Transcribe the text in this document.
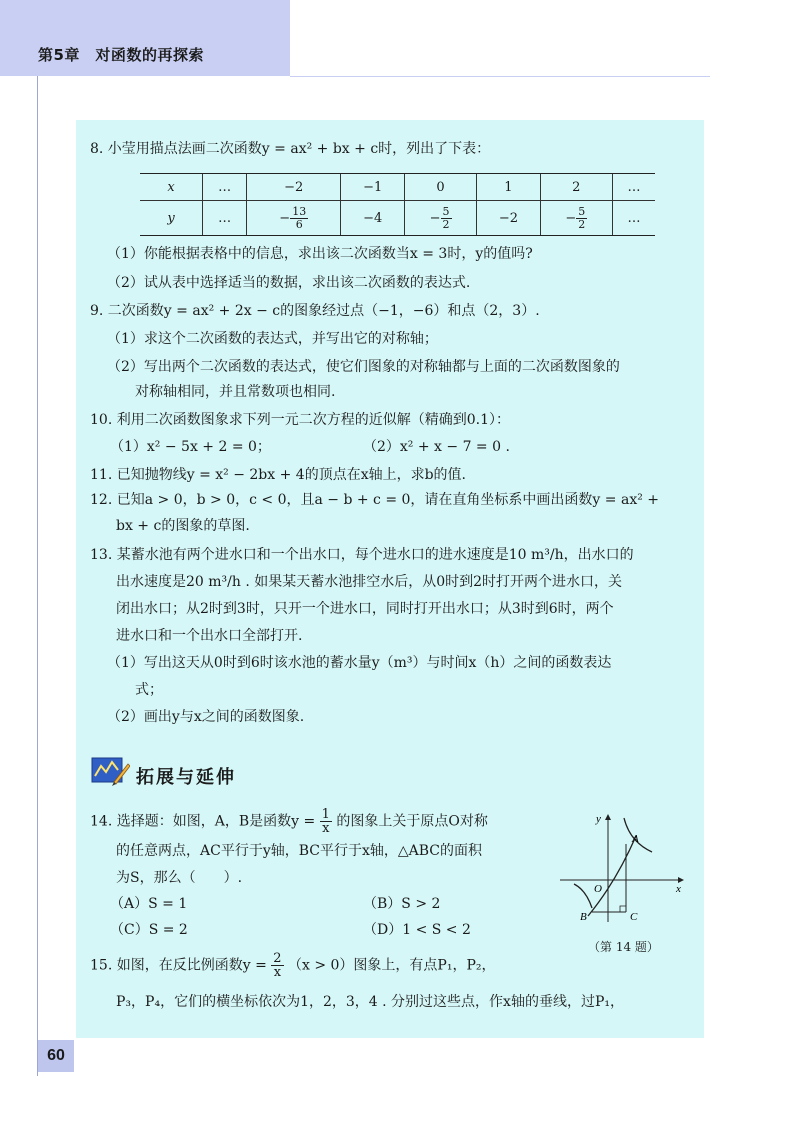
第5章　对函数的再探索
8. 小莹用描点法画二次函数y = ax² + bx + c时，列出了下表：
x	…	−2	−1	0	1	2	…
y	…	− $\frac{13}{6}$	−4	− $\frac{5}{2}$	−2	− $\frac{5}{2}$	…
（1）你能根据表格中的信息，求出该二次函数当x = 3时，y的值吗?
（2）试从表中选择适当的数据，求出该二次函数的表达式.
9. 二次函数y = ax² + 2x − c的图象经过点（−1，−6）和点（2，3）.
（1）求这个二次函数的表达式，并写出它的对称轴；
（2）写出两个二次函数的表达式，使它们图象的对称轴都与上面的二次函数图象的
对称轴相同，并且常数项也相同.
10. 利用二次函数图象求下列一元二次方程的近似解（精确到0.1）：
（1）x² − 5x + 2 = 0；	（2）x² + x − 7 = 0 .
11. 已知抛物线y = x² − 2bx + 4的顶点在x轴上，求b的值.
12. 已知a > 0，b > 0，c < 0，且a − b + c = 0，请在直角坐标系中画出函数y = ax² +
bx + c的图象的草图.
13. 某蓄水池有两个进水口和一个出水口，每个进水口的进水速度是10 m³/h，出水口的
出水速度是20 m³/h . 如果某天蓄水池排空水后，从0时到2时打开两个进水口，关
闭出水口；从2时到3时，只开一个进水口，同时打开出水口；从3时到6时，两个
进水口和一个出水口全部打开.
（1）写出这天从0时到6时该水池的蓄水量y（m³）与时间x（h）之间的函数表达
式；
（2）画出y与x之间的函数图象.
拓展与延伸
14. 选择题：如图，A，B是函数$y = \frac{1}{x}$ 的图象上关于原点O对称
的任意两点，AC平行于y轴，BC平行于x轴，△ABC的面积
为S，那么（　　）.
（A）S = 1	（B）S > 2
（C）S = 2	（D）1 < S < 2
y
x
O
A
B	C
（第 14 题）
15. 如图，在反比例函数$y = \frac{2}{x} (x > 0)$图象上，有点P₁，P₂，
P₃，P₄，它们的横坐标依次为1，2，3，4 . 分别过这些点，作x轴的垂线，过P₁，
60
